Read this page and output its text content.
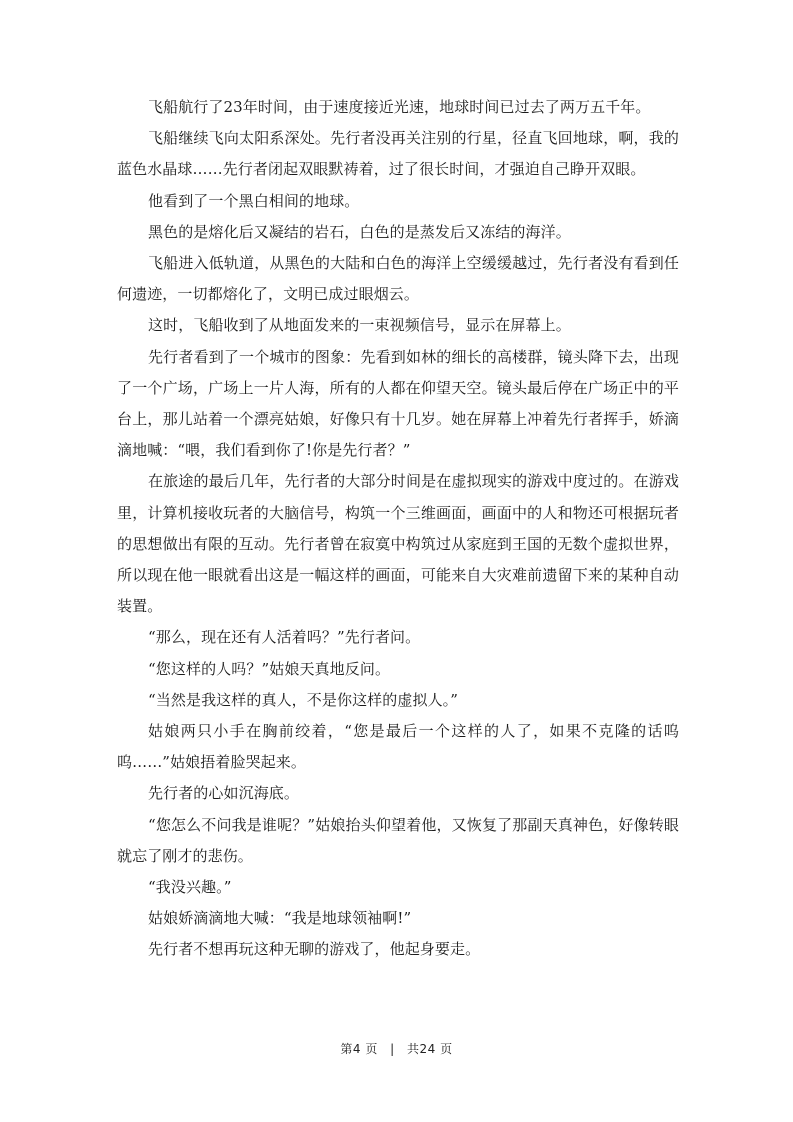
飞船航行了23年时间，由于速度接近光速，地球时间已过去了两万五千年。

飞船继续飞向太阳系深处。先行者没再关注别的行星，径直飞回地球，啊，我的蓝色水晶球……先行者闭起双眼默祷着，过了很长时间，才强迫自己睁开双眼。

他看到了一个黑白相间的地球。

黑色的是熔化后又凝结的岩石，白色的是蒸发后又冻结的海洋。

飞船进入低轨道，从黑色的大陆和白色的海洋上空缓缓越过，先行者没有看到任何遗迹，一切都熔化了，文明已成过眼烟云。

这时，飞船收到了从地面发来的一束视频信号，显示在屏幕上。

先行者看到了一个城市的图象：先看到如林的细长的高楼群，镜头降下去，出现了一个广场，广场上一片人海，所有的人都在仰望天空。镜头最后停在广场正中的平台上，那儿站着一个漂亮姑娘，好像只有十几岁。她在屏幕上冲着先行者挥手，娇滴滴地喊：“喂，我们看到你了!你是先行者？”

在旅途的最后几年，先行者的大部分时间是在虚拟现实的游戏中度过的。在游戏里，计算机接收玩者的大脑信号，构筑一个三维画面，画面中的人和物还可根据玩者的思想做出有限的互动。先行者曾在寂寞中构筑过从家庭到王国的无数个虚拟世界，所以现在他一眼就看出这是一幅这样的画面，可能来自大灾难前遗留下来的某种自动装置。

“那么，现在还有人活着吗？”先行者问。

“您这样的人吗？”姑娘天真地反问。

“当然是我这样的真人，不是你这样的虚拟人。”

姑娘两只小手在胸前绞着，“您是最后一个这样的人了，如果不克隆的话呜呜……”姑娘捂着脸哭起来。

先行者的心如沉海底。

“您怎么不问我是谁呢？”姑娘抬头仰望着他，又恢复了那副天真神色，好像转眼就忘了刚才的悲伤。

“我没兴趣。”

姑娘娇滴滴地大喊：“我是地球领袖啊!”

先行者不想再玩这种无聊的游戏了，他起身要走。

第4 页 | 共24 页
